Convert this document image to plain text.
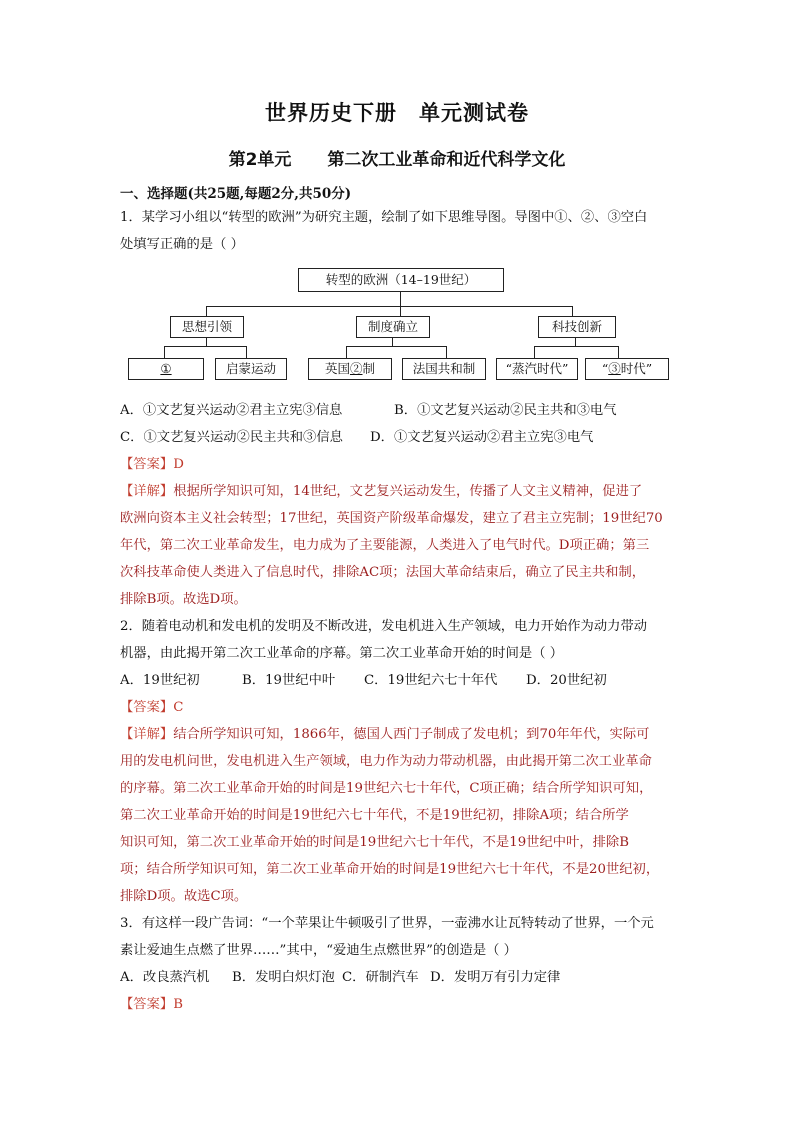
世界历史下册 单元测试卷
第2单元 第二次工业革命和近代科学文化
一、选择题(共25题,每题2分,共50分)
1．某学习小组以“转型的欧洲”为研究主题，绘制了如下思维导图。导图中①、②、③空白
处填写正确的是（ ）
转型的欧洲（14–19世纪）
思想引领	制度确立	科技创新
①	启蒙运动	英国②制	法国共和制	“蒸汽时代”	“③时代”
A．①文艺复兴运动②君主立宪③信息	B．①文艺复兴运动②民主共和③电气
C．①文艺复兴运动②民主共和③信息 D．①文艺复兴运动②君主立宪③电气
【答案】D
【详解】根据所学知识可知，14世纪，文艺复兴运动发生，传播了人文主义精神，促进了
欧洲向资本主义社会转型；17世纪，英国资产阶级革命爆发，建立了君主立宪制；19世纪70
年代，第二次工业革命发生，电力成为了主要能源，人类进入了电气时代。D项正确；第三
次科技革命使人类进入了信息时代，排除AC项；法国大革命结束后，确立了民主共和制，
排除B项。故选D项。
2．随着电动机和发电机的发明及不断改进，发电机进入生产领域，电力开始作为动力带动
机器，由此揭开第二次工业革命的序幕。第二次工业革命开始的时间是（ ）
A．19世纪初	B．19世纪中叶 C．19世纪六七十年代 D．20世纪初
【答案】C
【详解】结合所学知识可知，1866年，德国人西门子制成了发电机；到70年年代，实际可
用的发电机问世，发电机进入生产领域，电力作为动力带动机器，由此揭开第二次工业革命
的序幕。第二次工业革命开始的时间是19世纪六七十年代，C项正确；结合所学知识可知，
第二次工业革命开始的时间是19世纪六七十年代，不是19世纪初，排除A项；结合所学
知识可知，第二次工业革命开始的时间是19世纪六七十年代，不是19世纪中叶，排除B
项；结合所学知识可知，第二次工业革命开始的时间是19世纪六七十年代，不是20世纪初，
排除D项。故选C项。
3．有这样一段广告词：“一个苹果让牛顿吸引了世界，一壶沸水让瓦特转动了世界，一个元
素让爱迪生点燃了世界……”其中，“爱迪生点燃世界”的创造是（ ）
A．改良蒸汽机 B．发明白炽灯泡 C．研制汽车 D．发明万有引力定律
【答案】B
